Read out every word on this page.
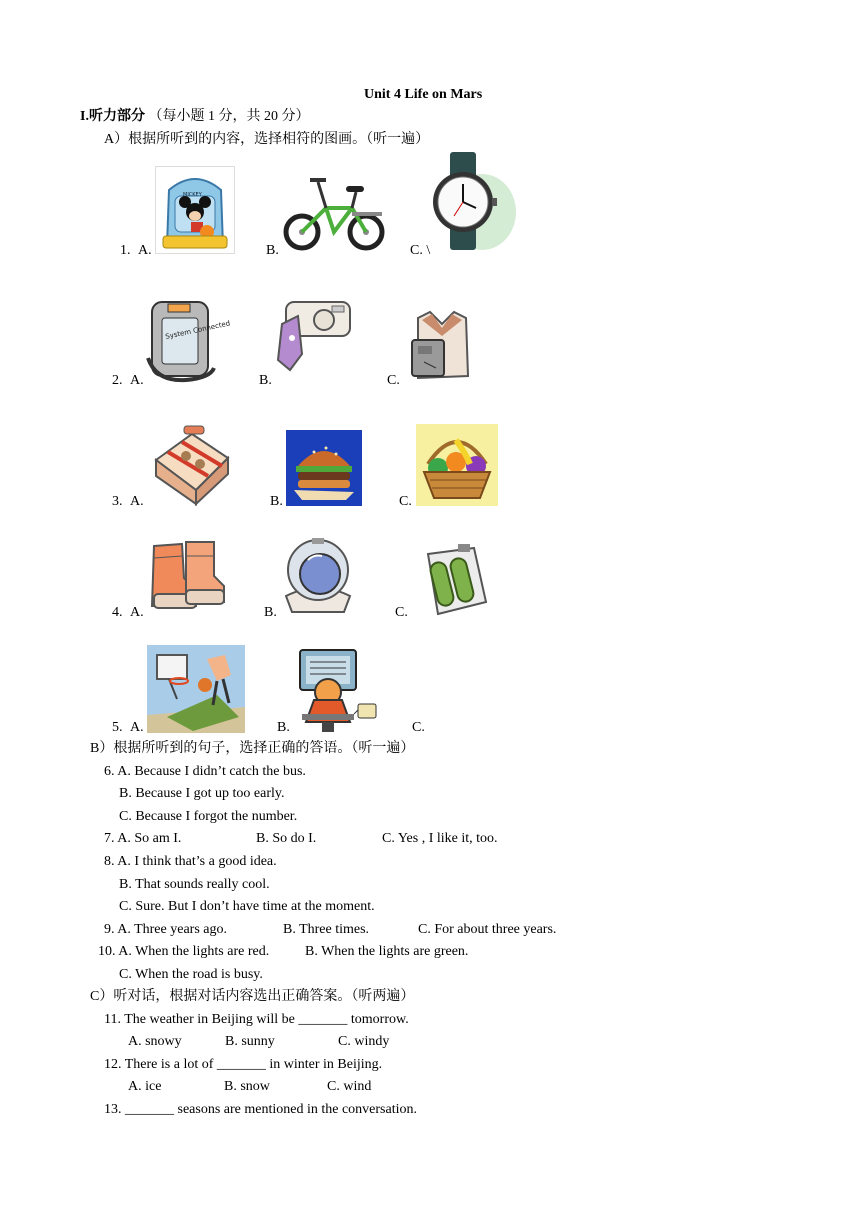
Unit 4 Life on Mars
I.听力部分 （每小题 1 分，共 20 分）
A）根据所听到的内容，选择相符的图画。（听一遍）
1. A.	B.	C. \
MICKEY
2. A.	B.	C.
System Connected
3. A.	B.	C.
4. A.	B.	C.
5. A.	B.	C.
B）根据所听到的句子，选择正确的答语。（听一遍）
6. A. Because I didn’t catch the bus.
B. Because I got up too early.
C. Because I forgot the number.
7. A. So am I.	B. So do I.	C. Yes , I like it, too.
8. A. I think that’s a good idea.
B. That sounds really cool.
C. Sure. But I don’t have time at the moment.
9. A. Three years ago.	B. Three times.	C. For about three years.
10. A. When the lights are red.	B. When the lights are green.
C. When the road is busy.
C）听对话，根据对话内容选出正确答案。（听两遍）
11. The weather in Beijing will be _______ tomorrow.
A. snowy	B. sunny	C. windy
12. There is a lot of _______ in winter in Beijing.
A. ice	B. snow	C. wind
13. _______ seasons are mentioned in the conversation.
